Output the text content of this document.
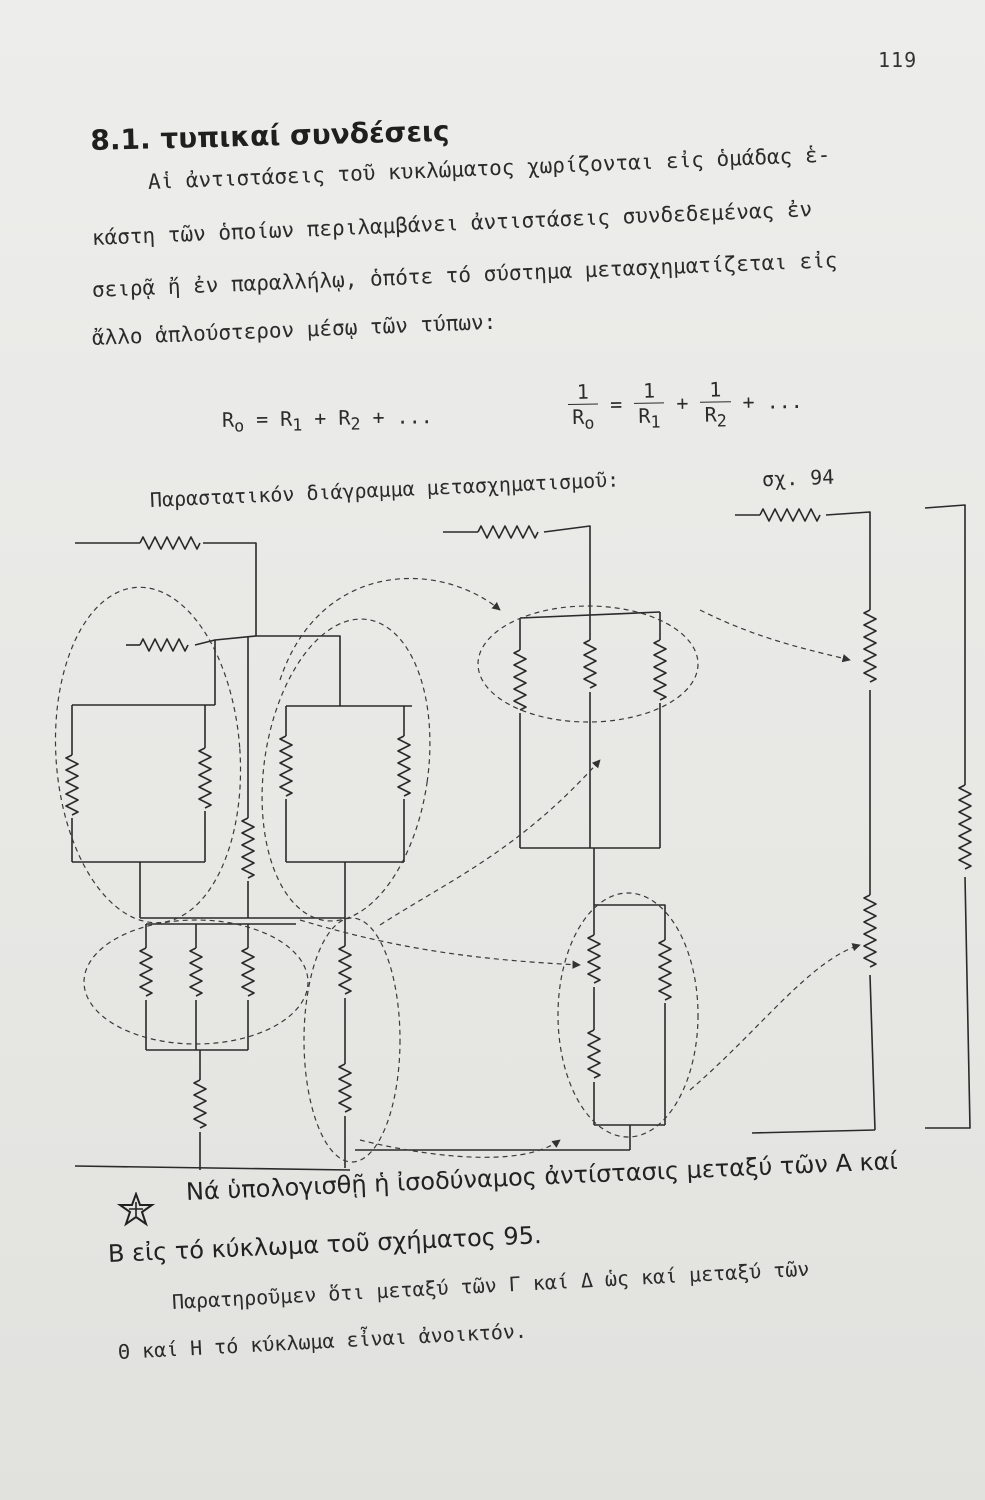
119
8.1. τυπικαί συνδέσεις
Αἱ ἀντιστάσεις τοῦ κυκλώματος χωρίζονται εἰς ὁμάδας ἑ-
κάστη τῶν ὁποίων περιλαμβάνει ἀντιστάσεις συνδεδεμένας ἐν
σειρᾷ ἤ ἐν παραλλήλῳ, ὁπότε τό σύστημα μετασχηματίζεται εἰς
ἄλλο ἁπλούστερον μέσῳ τῶν τύπων:
$R_o = R_1 + R_2$ + ...	$\frac{1}{R_o} = \frac{1}{R_1} + \frac{1}{R_2}$ + ...
Παραστατικόν διάγραμμα μετασχηματισμοῦ:	σχ. 94
Νά ὑπολογισθῇ ἡ ἰσοδύναμος ἀντίστασις μεταξύ τῶν Α καί
Β εἰς τό κύκλωμα τοῦ σχήματος 95.
Παρατηροῦμεν ὅτι μεταξύ τῶν Γ καί Δ ὡς καί μεταξύ τῶν
Θ καί Η τό κύκλωμα εἶναι ἀνοικτόν.
